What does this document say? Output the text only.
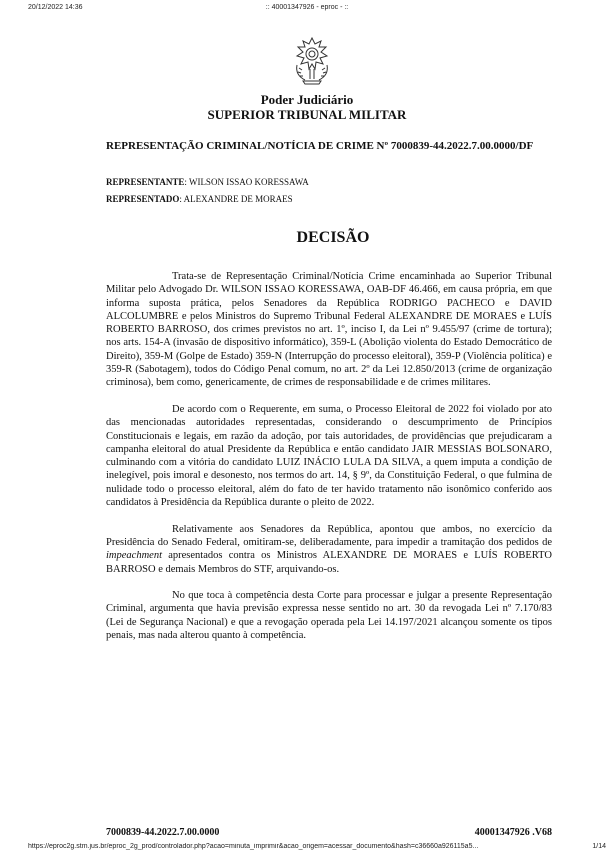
20/12/2022 14:36	:: 40001347926 - eproc - ::
Poder Judiciário
SUPERIOR TRIBUNAL MILITAR
REPRESENTAÇÃO CRIMINAL/NOTÍCIA DE CRIME Nº 7000839-44.2022.7.00.0000/DF
REPRESENTANTE: WILSON ISSAO KORESSAWA
REPRESENTADO: ALEXANDRE DE MORAES
DECISÃO

Trata-se de Representação Criminal/Notícia Crime encaminhada ao Superior Tribunal Militar pelo Advogado Dr. WILSON ISSAO KORESSAWA, OAB-DF 46.466, em causa própria, em que informa suposta prática, pelos Senadores da República RODRIGO PACHECO e DAVID ALCOLUMBRE e pelos Ministros do Supremo Tribunal Federal ALEXANDRE DE MORAES e LUÍS ROBERTO BARROSO, dos crimes previstos no art. 1º, inciso I, da Lei nº 9.455/97 (crime de tortura); nos arts. 154-A (invasão de dispositivo informático), 359-L (Abolição violenta do Estado Democrático de Direito), 359-M (Golpe de Estado) 359-N (Interrupção do processo eleitoral), 359-P (Violência política) e 359-R (Sabotagem), todos do Código Penal comum, no art. 2º da Lei 12.850/2013 (crime de organização criminosa), bem como, genericamente, de crimes de responsabilidade e de crimes militares.

De acordo com o Requerente, em suma, o Processo Eleitoral de 2022 foi violado por ato das mencionadas autoridades representadas, considerando o descumprimento de Princípios Constitucionais e legais, em razão da adoção, por tais autoridades, de providências que prejudicaram a campanha eleitoral do atual Presidente da República e então candidato JAIR MESSIAS BOLSONARO, culminando com a vitória do candidato LUIZ INÁCIO LULA DA SILVA, a quem imputa a condição de inelegível, pois imoral e desonesto, nos termos do art. 14, § 9º, da Constituição Federal, o que fulmina de nulidade todo o processo eleitoral, além do fato de ter havido tratamento não isonômico conferido aos candidatos à Presidência da República durante o pleito de 2022.

Relativamente aos Senadores da República, apontou que ambos, no exercício da Presidência do Senado Federal, omitiram-se, deliberadamente, para impedir a tramitação dos pedidos de impeachment apresentados contra os Ministros ALEXANDRE DE MORAES e LUÍS ROBERTO BARROSO e demais Membros do STF, arquivando-os.

No que toca à competência desta Corte para processar e julgar a presente Representação Criminal, argumenta que havia previsão expressa nesse sentido no art. 30 da revogada Lei nº 7.170/83 (Lei de Segurança Nacional) e que a revogação operada pela Lei 14.197/2021 alcançou somente os tipos penais, mas nada alterou quanto à competência.

7000839-44.2022.7.00.0000	40001347926 .V68
https://eproc2g.stm.jus.br/eproc_2g_prod/controlador.php?acao=minuta_imprimir&acao_origem=acessar_documento&hash=c36660a926115a5...	1/14
